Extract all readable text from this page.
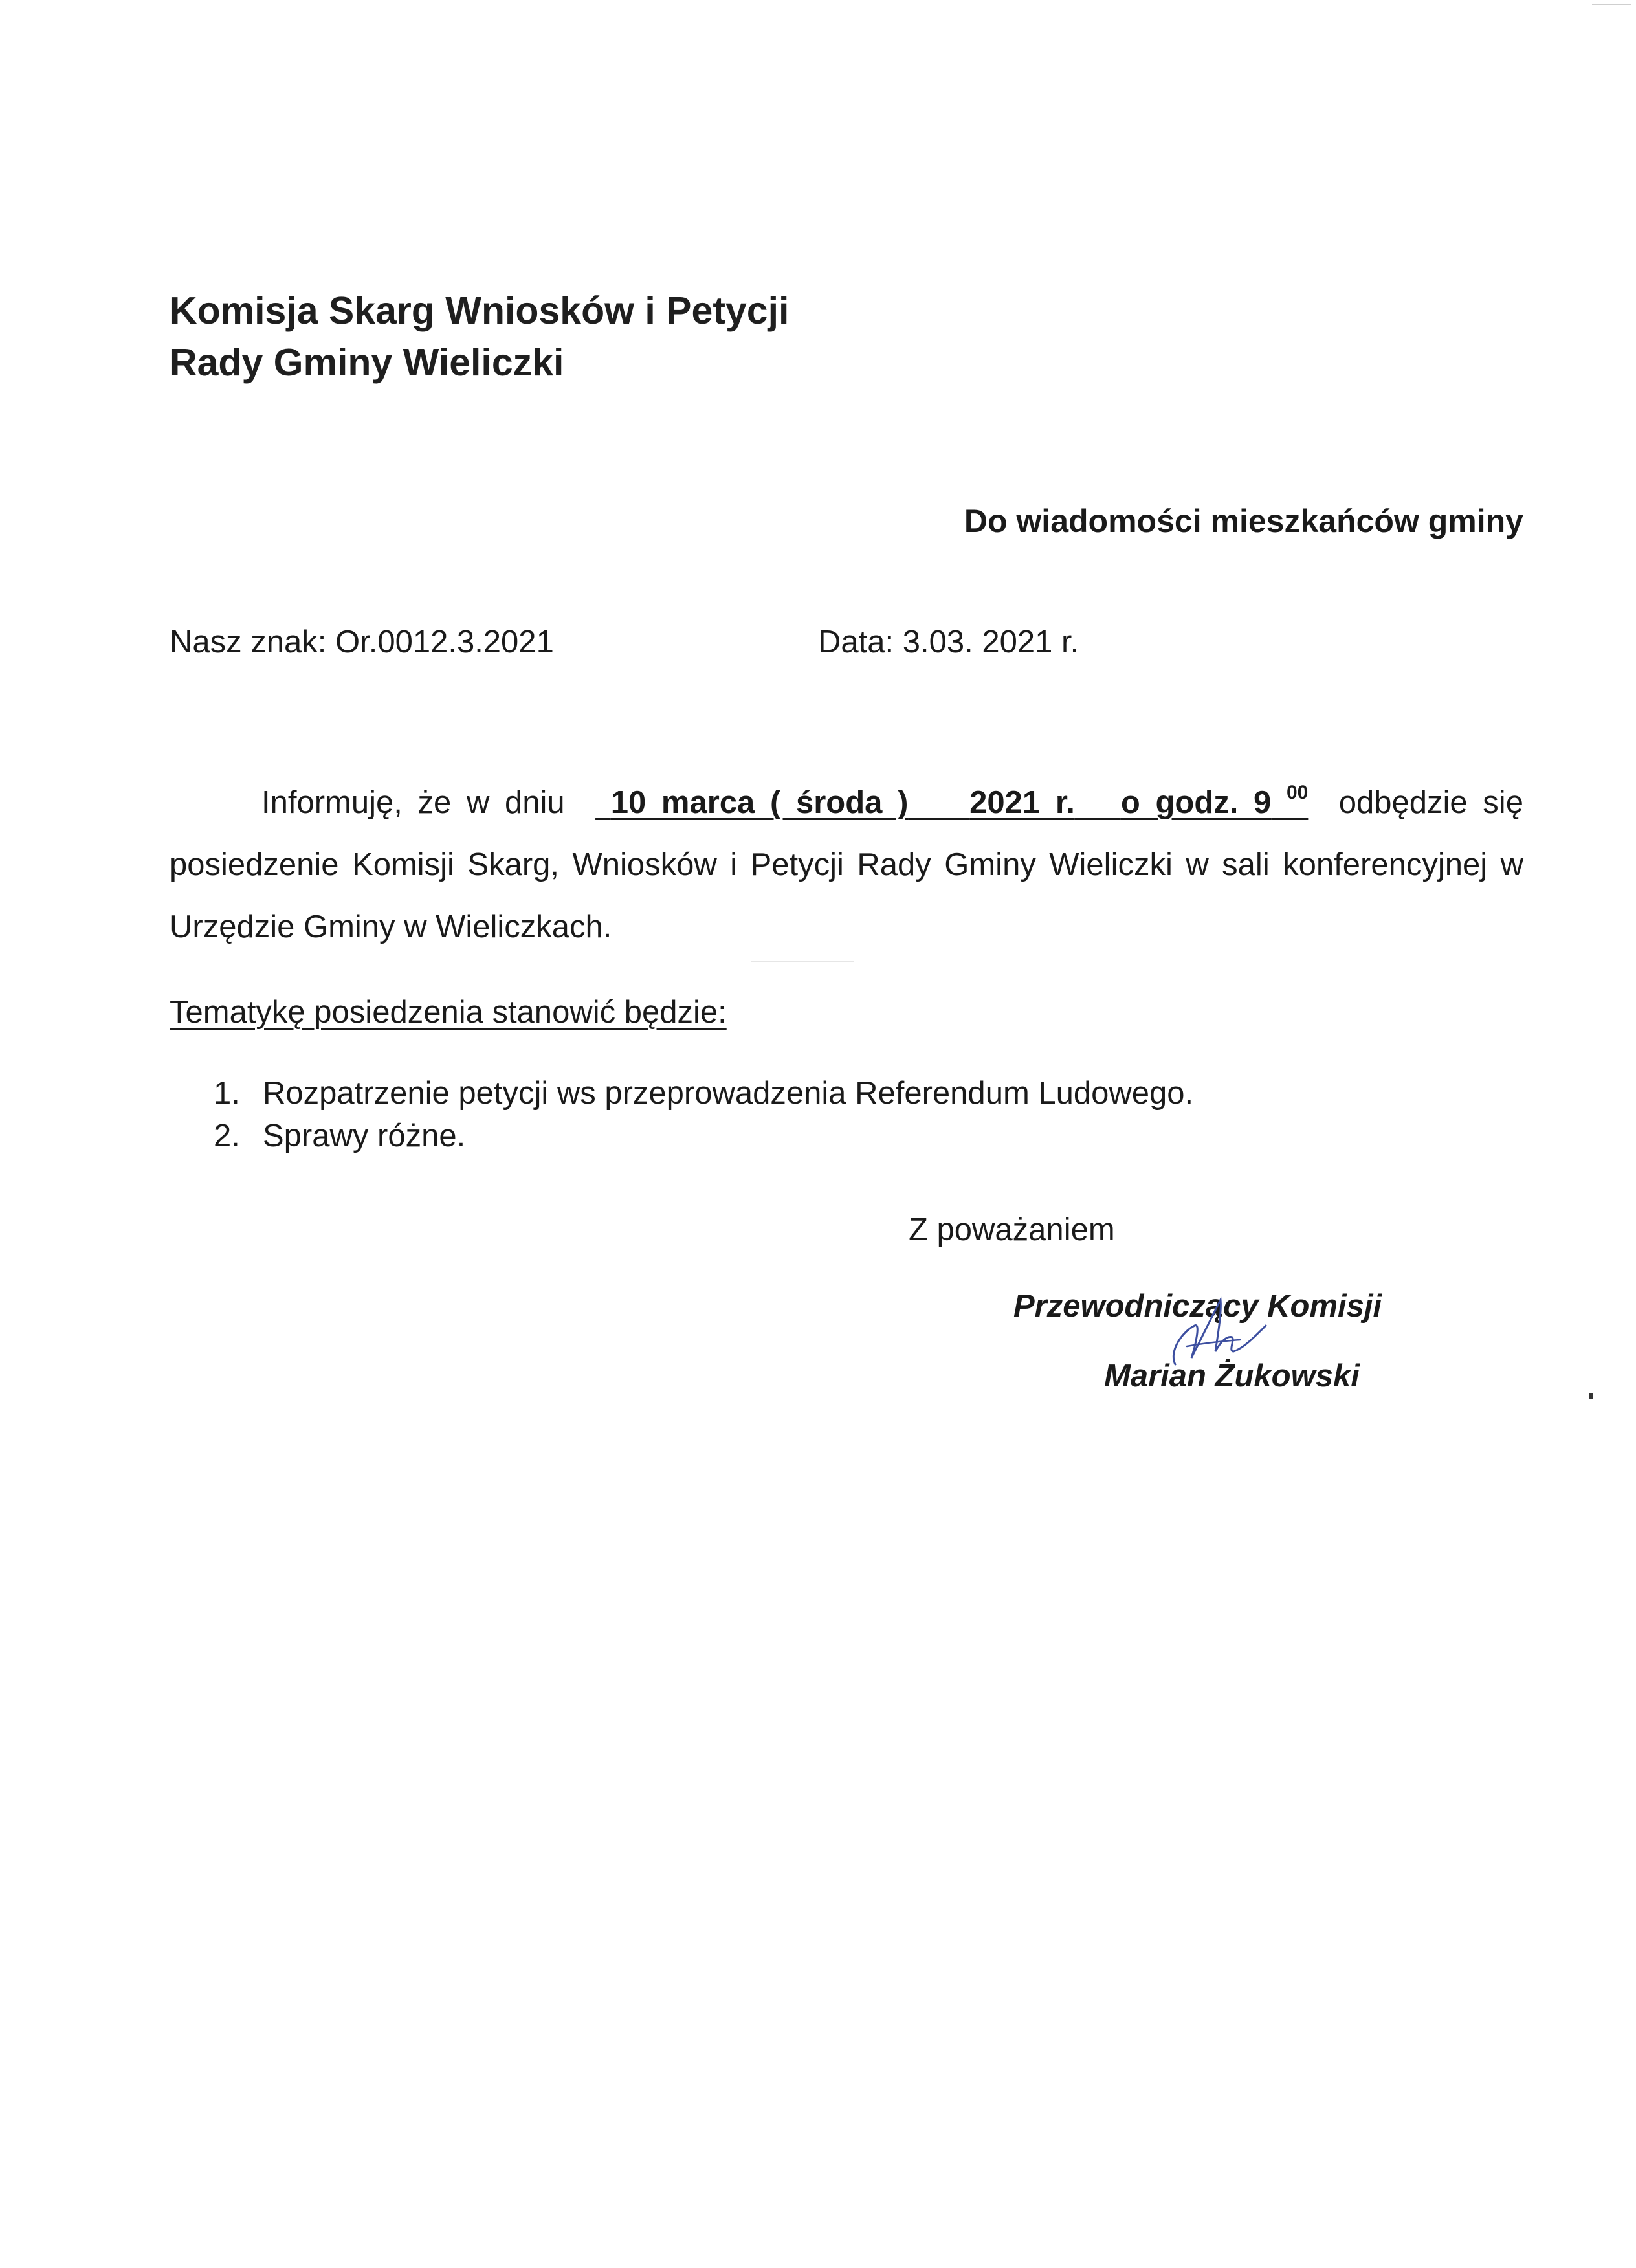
Komisja Skarg Wniosków i Petycji
Rady Gminy Wieliczki
Do wiadomości mieszkańców gminy
Nasz znak: Or.0012.3.2021	Data: 3.03. 2021 r.
Informuję, że w dniu 10 marca ( środa ) 2021 r. o godz. 9 $^{00}$ odbędzie się posiedzenie Komisji Skarg, Wniosków i Petycji Rady Gminy Wieliczki w sali konferencyjnej w Urzędzie Gminy w Wieliczkach.
Tematykę posiedzenia stanowić będzie:
1. Rozpatrzenie petycji ws przeprowadzenia Referendum Ludowego.
2. Sprawy różne.
Z poważaniem
Przewodniczący Komisji
Marian Żukowski
